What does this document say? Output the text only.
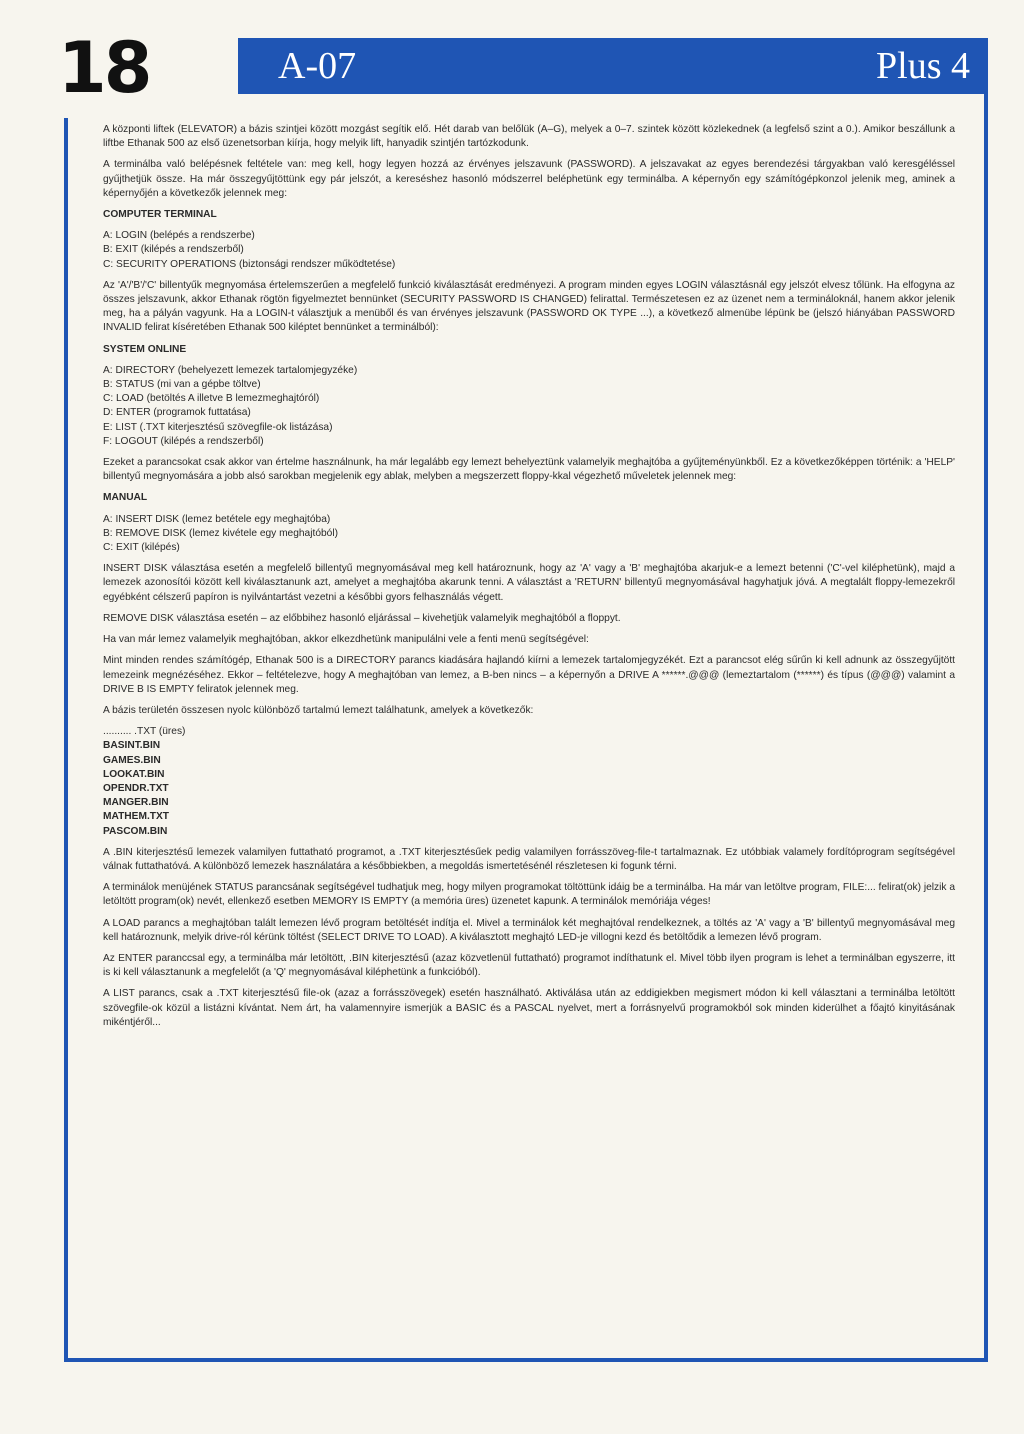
18	A-07	Plus 4

A központi liftek (ELEVATOR) a bázis szintjei között mozgást segítik elő. Hét darab van belőlük (A–G), melyek a 0–7. szintek között közlekednek (a legfelső szint a 0.). Amikor beszállunk a liftbe Ethanak 500 az első üzenetsorban kiírja, hogy melyik lift, hanyadik szintjén tartózkodunk.

A terminálba való belépésnek feltétele van: meg kell, hogy legyen hozzá az érvényes jelszavunk (PASSWORD). A jelszavakat az egyes berendezési tárgyakban való keresgéléssel gyűjthetjük össze. Ha már összegyűjtöttünk egy pár jelszót, a kereséshez hasonló módszerrel beléphetünk egy terminálba. A képernyőn egy számítógépkonzol jelenik meg, aminek a képernyőjén a következők jelennek meg:

COMPUTER TERMINAL
A: LOGIN (belépés a rendszerbe)
B: EXIT (kilépés a rendszerből)
C: SECURITY OPERATIONS (biztonsági rendszer működtetése)

Az 'A'/'B'/'C' billentyűk megnyomása értelemszerűen a megfelelő funkció kiválasztását eredményezi. A program minden egyes LOGIN választásnál egy jelszót elvesz tőlünk. Ha elfogyna az összes jelszavunk, akkor Ethanak rögtön figyelmeztet bennünket (SECURITY PASSWORD IS CHANGED) felirattal. Természetesen ez az üzenet nem a termináloknál, hanem akkor jelenik meg, ha a pályán vagyunk. Ha a LOGIN-t választjuk a menüből és van érvényes jelszavunk (PASSWORD OK TYPE ...), a következő almenübe lépünk be (jelszó hiányában PASSWORD INVALID felirat kíséretében Ethanak 500 kiléptet bennünket a terminálból):

SYSTEM ONLINE
A: DIRECTORY (behelyezett lemezek tartalomjegyzéke)
B: STATUS (mi van a gépbe töltve)
C: LOAD (betöltés A illetve B lemezmeghajtóról)
D: ENTER (programok futtatása)
E: LIST (.TXT kiterjesztésű szövegfile-ok listázása)
F: LOGOUT (kilépés a rendszerből)

Ezeket a parancsokat csak akkor van értelme használnunk, ha már legalább egy lemezt behelyeztünk valamelyik meghajtóba a gyűjteményünkből. Ez a következőképpen történik: a 'HELP' billentyű megnyomására a jobb alsó sarokban megjelenik egy ablak, melyben a megszerzett floppy-kkal végezhető műveletek jelennek meg:

MANUAL
A: INSERT DISK (lemez betétele egy meghajtóba)
B: REMOVE DISK (lemez kivétele egy meghajtóból)
C: EXIT (kilépés)

INSERT DISK választása esetén a megfelelő billentyű megnyomásával meg kell határoznunk, hogy az 'A' vagy a 'B' meghajtóba akarjuk-e a lemezt betenni ('C'-vel kiléphetünk), majd a lemezek azonosítói között kell kiválasztanunk azt, amelyet a meghajtóba akarunk tenni. A választást a 'RETURN' billentyű megnyomásával hagyhatjuk jóvá. A megtalált floppy-lemezekről egyébként célszerű papíron is nyilvántartást vezetni a későbbi gyors felhasználás végett.

REMOVE DISK választása esetén – az előbbihez hasonló eljárással – kivehetjük valamelyik meghajtóból a floppyt.

Ha van már lemez valamelyik meghajtóban, akkor elkezdhetünk manipulálni vele a fenti menü segítségével:

Mint minden rendes számítógép, Ethanak 500 is a DIRECTORY parancs kiadására hajlandó kiírni a lemezek tartalomjegyzékét. Ezt a parancsot elég sűrűn ki kell adnunk az összegyűjtött lemezeink megnézéséhez. Ekkor – feltételezve, hogy A meghajtóban van lemez, a B-ben nincs – a képernyőn a DRIVE A ******.@@@ (lemeztartalom (******) és típus (@@@) valamint a DRIVE B IS EMPTY feliratok jelennek meg.

A bázis területén összesen nyolc különböző tartalmú lemezt találhatunk, amelyek a következők:

.......... .TXT (üres)
BASINT.BIN
GAMES.BIN
LOOKAT.BIN
OPENDR.TXT
MANGER.BIN
MATHEM.TXT
PASCOM.BIN

A .BIN kiterjesztésű lemezek valamilyen futtatható programot, a .TXT kiterjesztésűek pedig valamilyen forrásszöveg-file-t tartalmaznak. Ez utóbbiak valamely fordítóprogram segítségével válnak futtathatóvá. A különböző lemezek használatára a későbbiekben, a megoldás ismertetésénél részletesen ki fogunk térni.

A terminálok menüjének STATUS parancsának segítségével tudhatjuk meg, hogy milyen programokat töltöttünk idáig be a terminálba. Ha már van letöltve program, FILE:... felirat(ok) jelzik a letöltött program(ok) nevét, ellenkező esetben MEMORY IS EMPTY (a memória üres) üzenetet kapunk. A terminálok memóriája véges!

A LOAD parancs a meghajtóban talált lemezen lévő program betöltését indítja el. Mivel a terminálok két meghajtóval rendelkeznek, a töltés az 'A' vagy a 'B' billentyű megnyomásával meg kell határoznunk, melyik drive-ról kérünk töltést (SELECT DRIVE TO LOAD). A kiválasztott meghajtó LED-je villogni kezd és betöltődik a lemezen lévő program.

Az ENTER paranccsal egy, a terminálba már letöltött, .BIN kiterjesztésű (azaz közvetlenül futtatható) programot indíthatunk el. Mivel több ilyen program is lehet a terminálban egyszerre, itt is ki kell választanunk a megfelelőt (a 'Q' megnyomásával kiléphetünk a funkcióból).

A LIST parancs, csak a .TXT kiterjesztésű file-ok (azaz a forrásszövegek) esetén használható. Aktiválása után az eddigiekben megismert módon ki kell választani a terminálba letöltött szövegfile-ok közül a listázni kívántat. Nem árt, ha valamennyire ismerjük a BASIC és a PASCAL nyelvet, mert a forrásnyelvű programokból sok minden kiderülhet a főajtó kinyitásának mikéntjéről...
